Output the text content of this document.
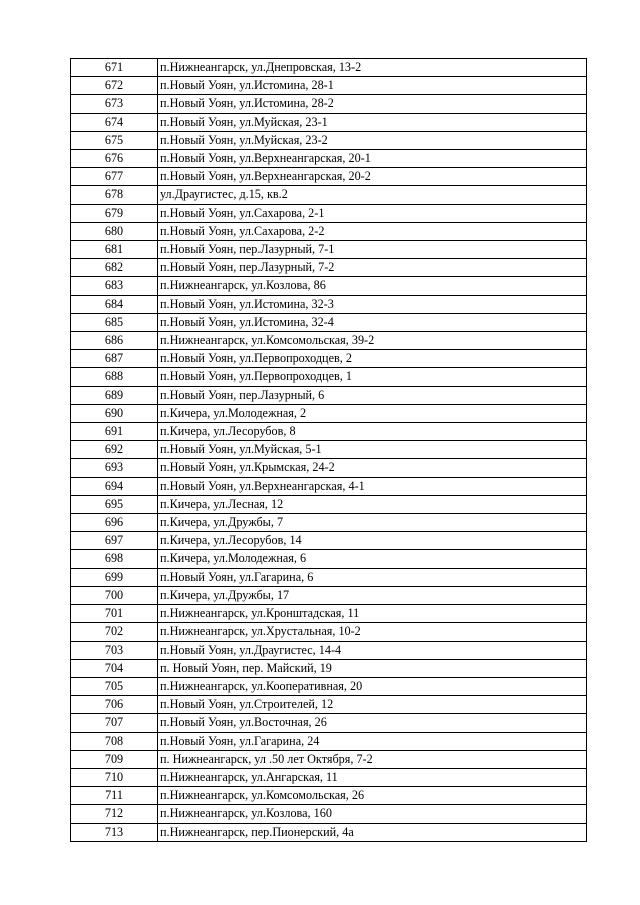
671	п.Нижнеангарск, ул.Днепровская, 13-2
672	п.Новый Уоян, ул.Истомина, 28-1
673	п.Новый Уоян, ул.Истомина, 28-2
674	п.Новый Уоян, ул.Муйская, 23-1
675	п.Новый Уоян, ул.Муйская, 23-2
676	п.Новый Уоян, ул.Верхнеангарская, 20-1
677	п.Новый Уоян, ул.Верхнеангарская, 20-2
678	ул.Драугистес, д.15, кв.2
679	п.Новый Уоян, ул.Сахарова, 2-1
680	п.Новый Уоян, ул.Сахарова, 2-2
681	п.Новый Уоян, пер.Лазурный, 7-1
682	п.Новый Уоян, пер.Лазурный, 7-2
683	п.Нижнеангарск, ул.Козлова, 86
684	п.Новый Уоян, ул.Истомина, 32-3
685	п.Новый Уоян, ул.Истомина, 32-4
686	п.Нижнеангарск, ул.Комсомольская, 39-2
687	п.Новый Уоян, ул.Первопроходцев, 2
688	п.Новый Уоян, ул.Первопроходцев, 1
689	п.Новый Уоян, пер.Лазурный, 6
690	п.Кичера, ул.Молодежная, 2
691	п.Кичера, ул.Лесорубов, 8
692	п.Новый Уоян, ул.Муйская, 5-1
693	п.Новый Уоян, ул.Крымская, 24-2
694	п.Новый Уоян, ул.Верхнеангарская, 4-1
695	п.Кичера, ул.Лесная, 12
696	п.Кичера, ул.Дружбы, 7
697	п.Кичера, ул.Лесорубов, 14
698	п.Кичера, ул.Молодежная, 6
699	п.Новый Уоян, ул.Гагарина, 6
700	п.Кичера, ул.Дружбы, 17
701	п.Нижнеангарск, ул.Кронштадская, 11
702	п.Нижнеангарск, ул.Хрустальная, 10-2
703	п.Новый Уоян, ул.Драугистес, 14-4
704	п. Новый Уоян, пер. Майский, 19
705	п.Нижнеангарск, ул.Кооперативная, 20
706	п.Новый Уоян, ул.Строителей, 12
707	п.Новый Уоян, ул.Восточная, 26
708	п.Новый Уоян, ул.Гагарина, 24
709	п. Нижнеангарск, ул .50 лет Октября, 7-2
710	п.Нижнеангарск, ул.Ангарская, 11
711	п.Нижнеангарск, ул.Комсомольская, 26
712	п.Нижнеангарск, ул.Козлова, 160
713	п.Нижнеангарск, пер.Пионерский, 4а
